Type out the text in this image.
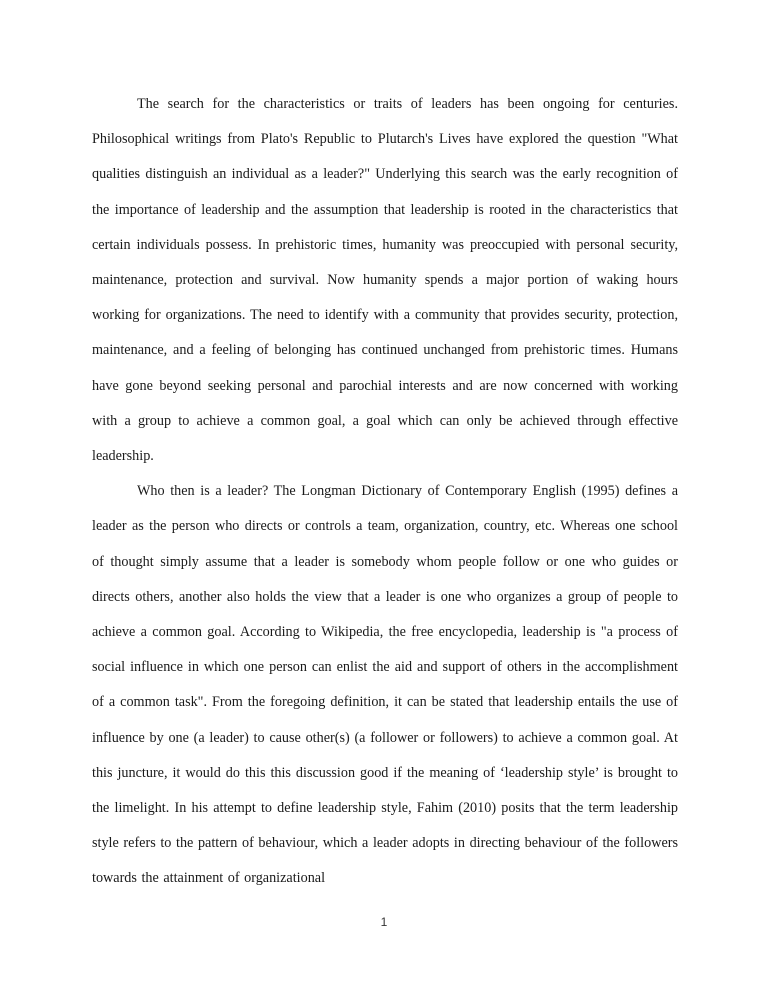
The search for the characteristics or traits of leaders has been ongoing for centuries. Philosophical writings from Plato's Republic to Plutarch's Lives have explored the question "What qualities distinguish an individual as a leader?" Underlying this search was the early recognition of the importance of leadership and the assumption that leadership is rooted in the characteristics that certain individuals possess. In prehistoric times, humanity was preoccupied with personal security, maintenance, protection and survival. Now humanity spends a major portion of waking hours working for organizations. The need to identify with a community that provides security, protection, maintenance, and a feeling of belonging has continued unchanged from prehistoric times. Humans have gone beyond seeking personal and parochial interests and are now concerned with working with a group to achieve a common goal, a goal which can only be achieved through effective leadership.

Who then is a leader? The Longman Dictionary of Contemporary English (1995) defines a leader as the person who directs or controls a team, organization, country, etc. Whereas one school of thought simply assume that a leader is somebody whom people follow or one who guides or directs others, another also holds the view that a leader is one who organizes a group of people to achieve a common goal. According to Wikipedia, the free encyclopedia, leadership is "a process of social influence in which one person can enlist the aid and support of others in the accomplishment of a common task". From the foregoing definition, it can be stated that leadership entails the use of influence by one (a leader) to cause other(s) (a follower or followers) to achieve a common goal. At this juncture, it would do this this discussion good if the meaning of ‘leadership style’ is brought to the limelight. In his attempt to define leadership style, Fahim (2010) posits that the term leadership style refers to the pattern of behaviour, which a leader adopts in directing behaviour of the followers towards the attainment of organizational

1
